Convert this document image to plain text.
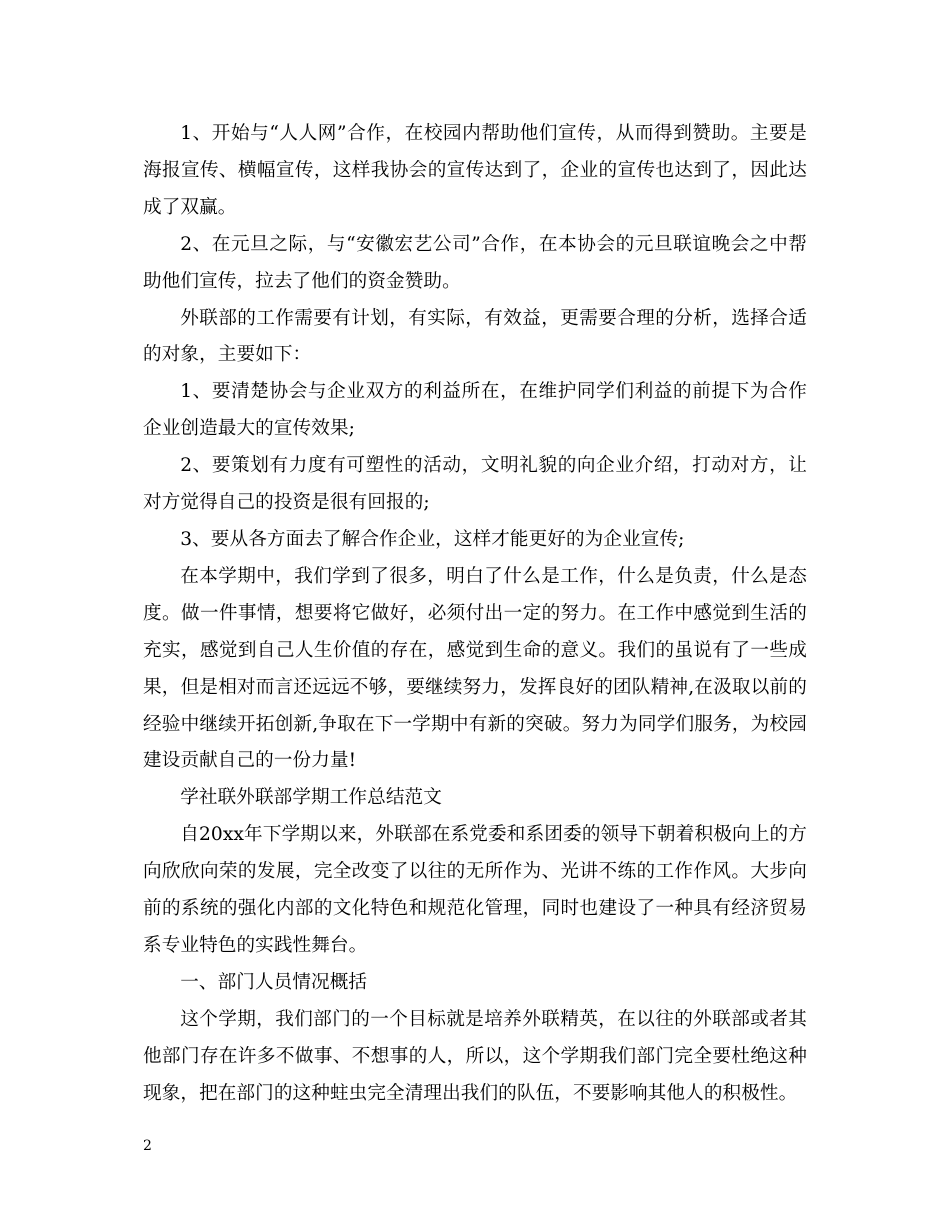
1、开始与“人人网”合作，在校园内帮助他们宣传，从而得到赞助。主要是海报宣传、横幅宣传，这样我协会的宣传达到了，企业的宣传也达到了，因此达成了双赢。

2、在元旦之际，与“安徽宏艺公司”合作，在本协会的元旦联谊晚会之中帮助他们宣传，拉去了他们的资金赞助。

外联部的工作需要有计划，有实际，有效益，更需要合理的分析，选择合适的对象，主要如下：

1、要清楚协会与企业双方的利益所在，在维护同学们利益的前提下为合作企业创造最大的宣传效果;

2、要策划有力度有可塑性的活动，文明礼貌的向企业介绍，打动对方，让对方觉得自己的投资是很有回报的;

3、要从各方面去了解合作企业，这样才能更好的为企业宣传;

在本学期中，我们学到了很多，明白了什么是工作，什么是负责，什么是态度。做一件事情，想要将它做好，必须付出一定的努力。在工作中感觉到生活的充实，感觉到自己人生价值的存在，感觉到生命的意义。我们的虽说有了一些成果，但是相对而言还远远不够，要继续努力，发挥良好的团队精神,在汲取以前的经验中继续开拓创新,争取在下一学期中有新的突破。努力为同学们服务，为校园建设贡献自己的一份力量!

学社联外联部学期工作总结范文

自20xx年下学期以来，外联部在系党委和系团委的领导下朝着积极向上的方向欣欣向荣的发展，完全改变了以往的无所作为、光讲不练的工作作风。大步向前的系统的强化内部的文化特色和规范化管理，同时也建设了一种具有经济贸易系专业特色的实践性舞台。

一、部门人员情况概括

这个学期，我们部门的一个目标就是培养外联精英，在以往的外联部或者其他部门存在许多不做事、不想事的人，所以，这个学期我们部门完全要杜绝这种现象，把在部门的这种蛀虫完全清理出我们的队伍，不要影响其他人的积极性。

2
